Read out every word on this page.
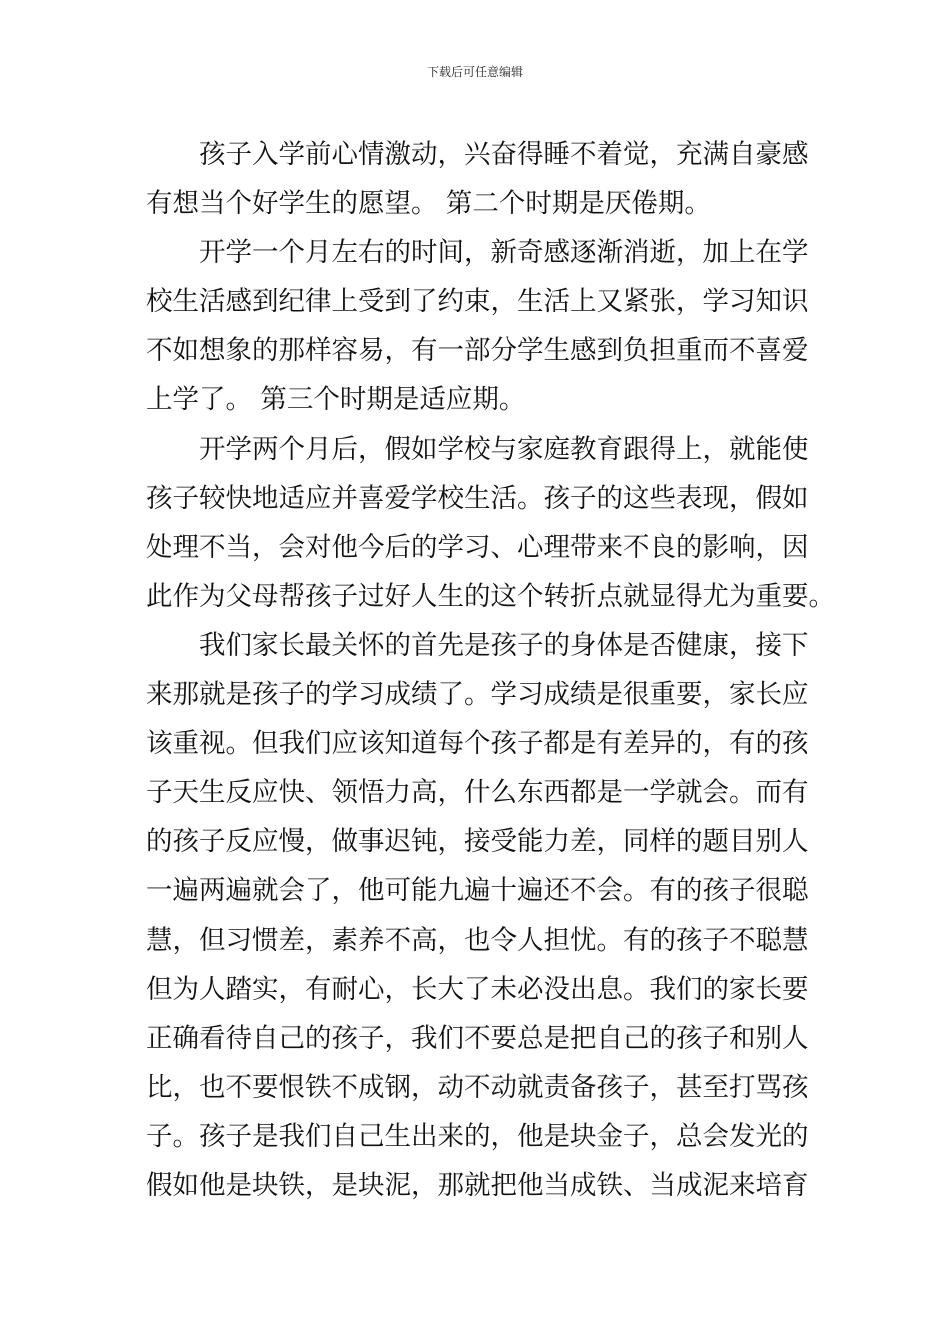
下载后可任意编辑
孩子入学前心情激动，兴奋得睡不着觉，充满自豪感
有想当个好学生的愿望。 第二个时期是厌倦期。
开学一个月左右的时间，新奇感逐渐消逝，加上在学
校生活感到纪律上受到了约束，生活上又紧张，学习知识
不如想象的那样容易，有一部分学生感到负担重而不喜爱
上学了。 第三个时期是适应期。
开学两个月后，假如学校与家庭教育跟得上，就能使
孩子较快地适应并喜爱学校生活。孩子的这些表现，假如
处理不当，会对他今后的学习、心理带来不良的影响，因
此作为父母帮孩子过好人生的这个转折点就显得尤为重要。
我们家长最关怀的首先是孩子的身体是否健康，接下
来那就是孩子的学习成绩了。学习成绩是很重要，家长应
该重视。但我们应该知道每个孩子都是有差异的，有的孩
子天生反应快、领悟力高，什么东西都是一学就会。而有
的孩子反应慢，做事迟钝，接受能力差，同样的题目别人
一遍两遍就会了，他可能九遍十遍还不会。有的孩子很聪
慧，但习惯差，素养不高，也令人担忧。有的孩子不聪慧
但为人踏实，有耐心，长大了未必没出息。我们的家长要
正确看待自己的孩子，我们不要总是把自己的孩子和别人
比，也不要恨铁不成钢，动不动就责备孩子，甚至打骂孩
子。孩子是我们自己生出来的，他是块金子，总会发光的
假如他是块铁，是块泥，那就把他当成铁、当成泥来培育
